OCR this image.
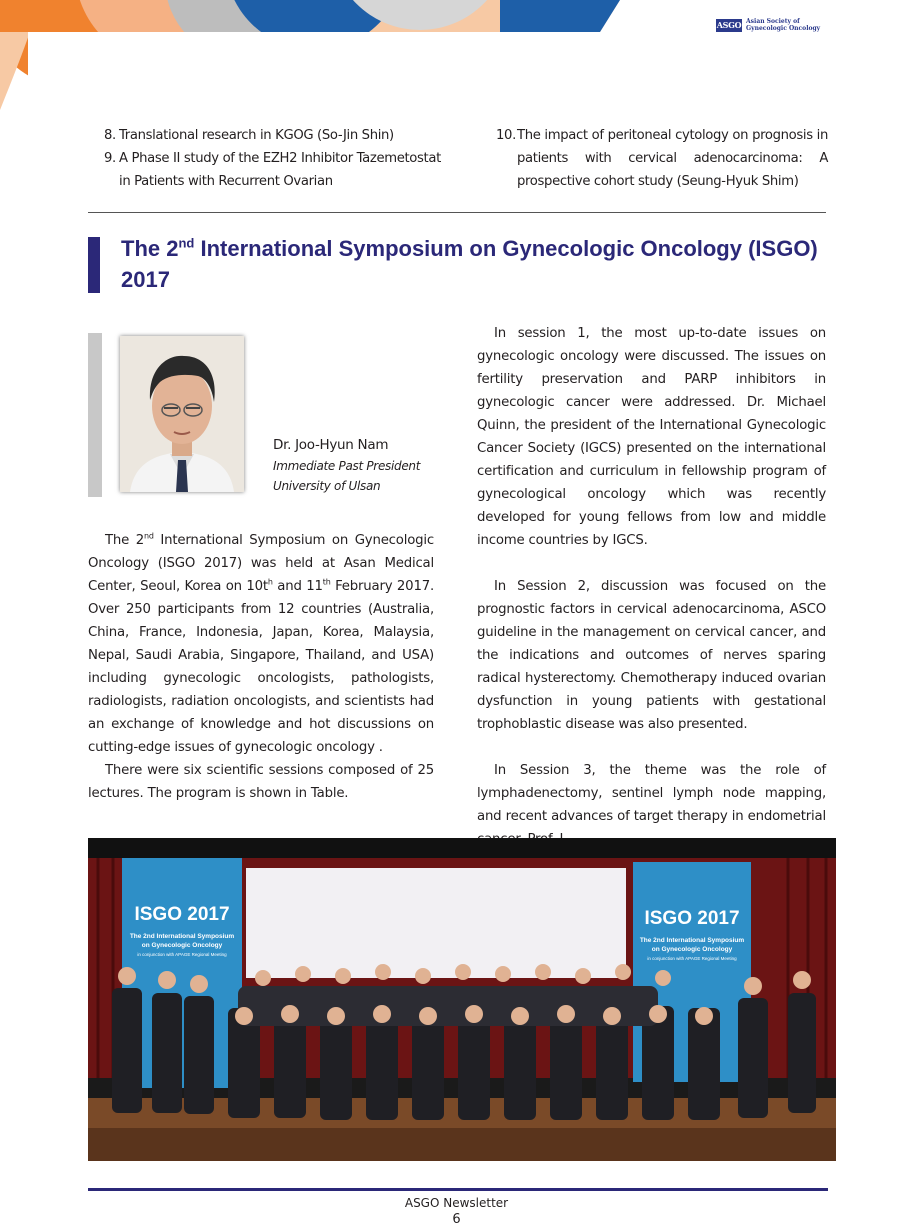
ASGO Asian Society of
Gynecologic Oncology
8. Translational research in KGOG (So-Jin Shin)
9. A Phase II study of the EZH2 Inhibitor Tazemetostat in Patients with Recurrent Ovarian
10. The impact of peritoneal cytology on prognosis in patients with cervical adenocarcinoma: A prospective cohort study (Seung-Hyuk Shim)
The 2nd International Symposium on Gynecologic Oncology (ISGO) 2017
Dr. Joo-Hyun Nam
Immediate Past President
University of Ulsan

The 2nd International Symposium on Gynecologic Oncology (ISGO 2017) was held at Asan Medical Center, Seoul, Korea on $10t^h$ and 11th February 2017. Over 250 participants from 12 countries (Australia, China, France, Indonesia, Japan, Korea, Malaysia, Nepal, Saudi Arabia, Singapore, Thailand, and USA) including gynecologic oncologists, pathologists, radiologists, radiation oncologists, and scientists had an exchange of knowledge and hot discussions on cutting-edge issues of gynecologic oncology .

There were six scientific sessions composed of 25 lectures. The program is shown in Table.

In session 1, the most up-to-date issues on gynecologic oncology were discussed. The issues on fertility preservation and PARP inhibitors in gynecologic cancer were addressed. Dr. Michael Quinn, the president of the International Gynecologic Cancer Society (IGCS) presented on the international certification and curriculum in fellowship program of gynecological oncology which was recently developed for young fellows from low and middle income countries by IGCS.

In Session 2, discussion was focused on the prognostic factors in cervical adenocarcinoma, ASCO guideline in the management on cervical cancer, and the indications and outcomes of nerves sparing radical hysterectomy. Chemotherapy induced ovarian dysfunction in young patients with gestational trophoblastic disease was also presented.

In Session 3, the theme was the role of lymphadenectomy, sentinel lymph node mapping, and recent advances of target therapy in endometrial

ISGO 2017
The 2nd International Symposium
on Gynecologic Oncology
in conjunction with APAGE Regional Meeting
ISGO 2017
The 2nd International Symposium
on Gynecologic Oncology
in conjunction with APAGE Regional Meeting
ASGO Newsletter
6
